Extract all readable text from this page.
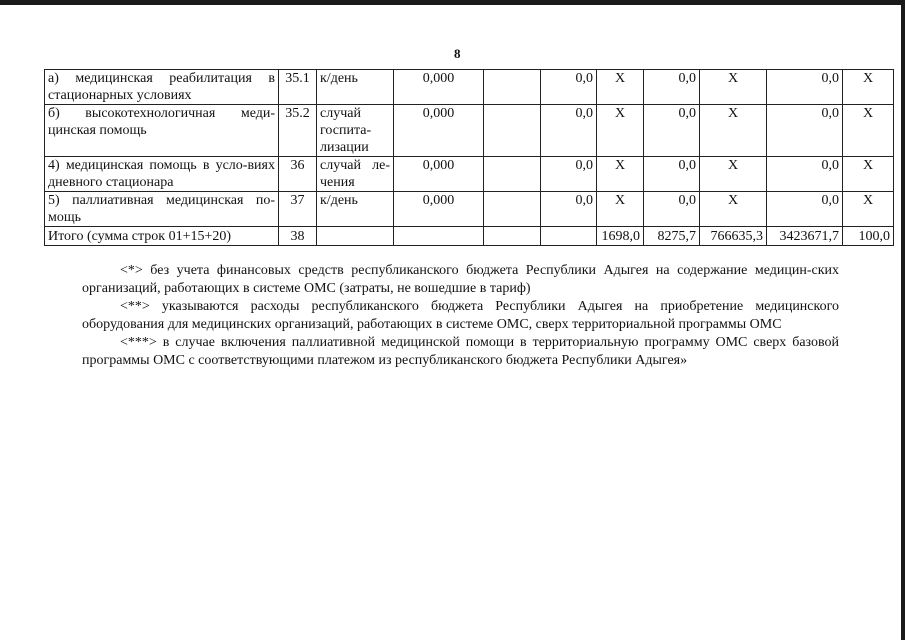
8
а) медицинская реабилитация в стационарных условиях	35.1	к/день	0,000		0,0	Х	0,0	Х	0,0	Х
б) высокотехнологичная меди-цинская помощь	35.2	случай госпита-лизации	0,000		0,0	Х	0,0	Х	0,0	Х
4) медицинская помощь в усло-виях дневного стационара	36	случай ле-чения	0,000		0,0	Х	0,0	Х	0,0	Х
5) паллиативная медицинская по-мощь	37	к/день	0,000		0,0	Х	0,0	Х	0,0	Х
Итого (сумма строк 01+15+20)	38					1698,0	8275,7	766635,3	3423671,7	100,0

<*> без учета финансовых средств республиканского бюджета Республики Адыгея на содержание медицин-ских организаций, работающих в системе ОМС (затраты, не вошедшие в тариф)

<**> указываются расходы республиканского бюджета Республики Адыгея на приобретение медицинского оборудования для медицинских организаций, работающих в системе ОМС, сверх территориальной программы ОМС

<***> в случае включения паллиативной медицинской помощи в территориальную программу ОМС сверх базовой программы ОМС с соответствующими платежом из республиканского бюджета Республики Адыгея»
